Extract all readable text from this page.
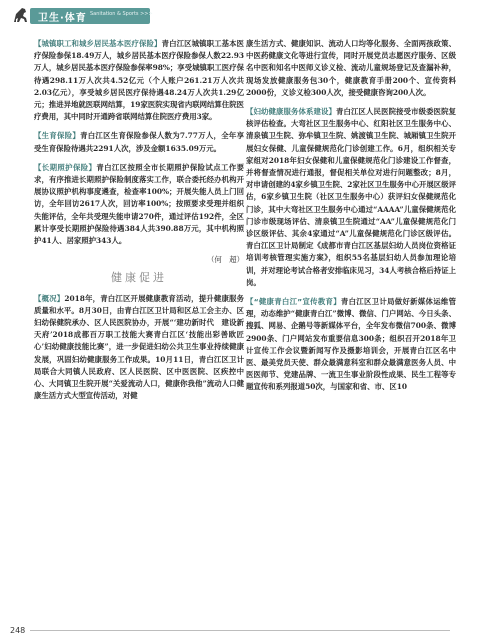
卫生·体育 Sanitation & Sports >>>

【城镇职工和城乡居民基本医疗保险】青白江区城镇职工基本医疗保险参保18.49万人，城乡居民基本医疗保险参保人数22.93万人，城乡居民基本医疗保险参保率98%；享受城镇职工医疗保待遇298.11万人次共4.52亿元（个人账户261.21万人次共2.03亿元），享受城乡居民医疗保待遇48.24万人次共1.29亿元；推进异地就医联网结算，19家医院实现省内联网结算住院医疗费用，其中同时开通跨省联网结算住院医疗费用3家。

【生育保险】青白江区生育保险参保人数为7.77万人，全年享受生育保险待遇共2291人次，涉及金额1635.09万元。

【长期照护保险】青白江区按照全市长期照护保险试点工作要求，有序推进长期照护保险制度落实工作，联合委托经办机构开展协议照护机构事度遴查，检查率100%；开展失能人员上门回访，全年回访2617人次，回访率100%；按照要求受理并组织失能评估，全年共受理失能申请270件，通过评估192件，全区累计享受长期照护保险待遇384人共390.88万元，其中机构照护41人、居家照护343人。

（何　超）

健康促进

【概况】2018年，青白江区开展健康教育活动，提升健康服务质量和水平。8月30日，由青白江区卫计局和区总工会主办、区妇幼保健院承办、区人民医院协办，开展“‘建功新时代　建设新天府’2018成都百万职工技能大赛青白江区‘技能出彩善欧匠心’妇幼健康技能比赛”，进一步促进妇幼公共卫生事业持续健康发展，巩固妇幼健康服务工作成果。10月11日，青白江区卫计局联合大同镇人民政府、区人民医院、区中医医院、区疾控中心、大同镇卫生院开展“关爱流动人口，健康你我他”流动人口健康生活方式大型宣传活动，对健

康生活方式、健康知识、流动人口均等化服务、全面两孩政策、中医药健康文化等进行宣传，同时开展党员志愿医疗服务、区级名中医和知名中医师义诊义检、流动儿童规场登记及查漏补种，现场发放健康服务包30个，健康教育手册200个、宣传资料2000份，义诊义检300人次，接受健康咨询200人次。

【妇幼健康服务体系建设】青白江区人民医院接受市级委医院复核评估检查。大弯社区卫生服务中心、红阳社区卫生服务中心、清泉镇卫生院、弥牟镇卫生院、姚渡镇卫生院、城厢镇卫生院开展妇女保健、儿童保健规范化门诊创建工作。6月，组织相关专家组对2018年妇女保健和儿童保健规范化门诊建设工作督查，并将督查情况进行通报，督促相关单位对进行问题整改；8月，对申请创建的4家乡镇卫生院、2家社区卫生服务中心开展区级评估，6家乡镇卫生院（社区卫生服务中心）获评妇女保健规范化门诊，其中大弯社区卫生服务中心通过“AAAA”儿童保健规范化门诊市级现场评估、清泉镇卫生院通过“AA”儿童保健规范化门诊区级评估、其余4家通过“A”儿童保健规范化门诊区级评估。青白江区卫计局制定《成都市青白江区基层妇幼人员岗位资格证培训考核管理实施方案》，组织55名基层妇幼人员参加理论培训，并对理论考试合格者安排临床见习，34人考核合格后持证上岗。

【“健康青白江”宣传教育】青白江区卫计局做好新媒体运维管理，动态维护“健康青白江”微博、微信、门户网站、今日头条、搜狐、网易、企鹅号等新媒体平台，全年发布微信700条、微博2900条、门户网站发布重要信息300条；组织召开2018年卫计宣传工作会议暨新闻写作及摄影培训会，开展青白江区名中医、最美党员天使、群众最满意科室和群众最满意医务人员、中医医师节、党建品牌、一流卫生事业阶段性成果、民生工程等专题宣传和系列报道50次，与国家和省、市、区10

248
